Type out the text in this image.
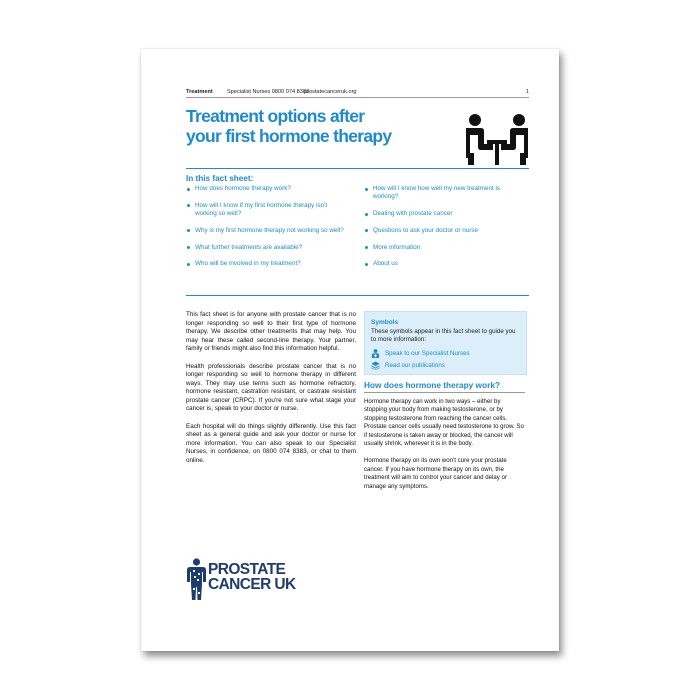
Treatment	Specialist Nurses 0800 074 8383
prostatecanceruk.org	1
Treatment options after
your first hormone therapy
In this fact sheet:
How does hormone therapy work?
How will I know if my first hormone therapy isn't working so well?
Why is my first hormone therapy not working so well?
What further treatments are available?
Who will be involved in my treatment?
How will I know how well my new treatment is working?
Dealing with prostate cancer
Questions to ask your doctor or nurse
More information
About us

This fact sheet is for anyone with prostate cancer that is no longer responding so well to their first type of hormone therapy. We describe other treatments that may help. You may hear these called second-line therapy. Your partner, family or friends might also find this information helpful.

Health professionals describe prostate cancer that is no longer responding so well to hormone therapy in different ways. They may use terms such as hormone refractory, hormone resistant, castration resistant, or castrate resistant prostate cancer (CRPC). If you're not sure what stage your cancer is, speak to your doctor or nurse.

Each hospital will do things slightly differently. Use this fact sheet as a general guide and ask your doctor or nurse for more information. You can also speak to our Specialist Nurses, in confidence, on 0800 074 8383, or chat to them online.

Symbols
These symbols appear in this fact sheet to guide you to more information:
Speak to our Specialist Nurses
Read our publications
How does hormone therapy work?

Hormone therapy can work in two ways – either by stopping your body from making testosterone, or by stopping testosterone from reaching the cancer cells. Prostate cancer cells usually need testosterone to grow. So if testosterone is taken away or blocked, the cancer will usually shrink, wherever it is in the body.

Hormone therapy on its own won't cure your prostate cancer. If you have hormone therapy on its own, the treatment will aim to control your cancer and delay or manage any symptoms.

PROSTATE
CANCER UK
